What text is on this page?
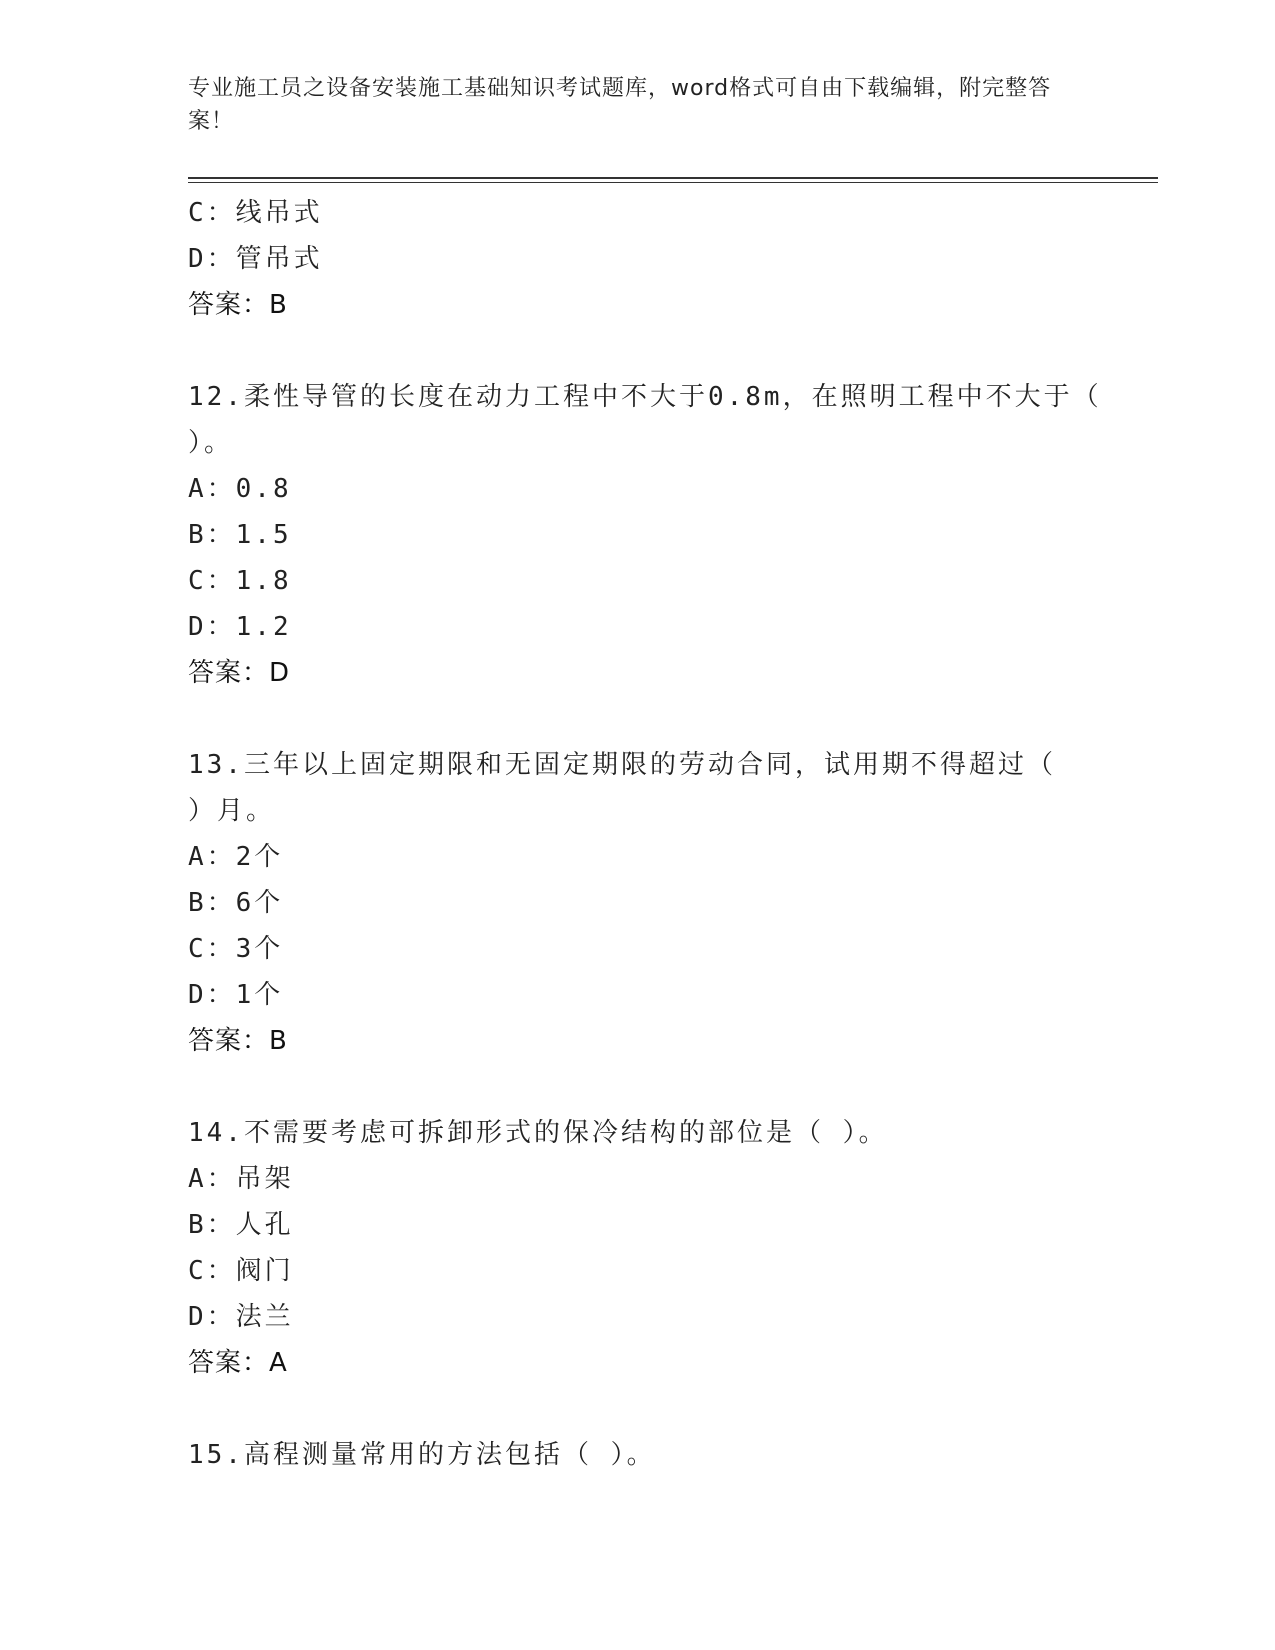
专业施工员之设备安装施工基础知识考试题库，word格式可自由下载编辑，附完整答案！
C：线吊式
D：管吊式
答案：B
12.柔性导管的长度在动力工程中不大于0.8m，在照明工程中不大于（
）。
A：0.8
B：1.5
C：1.8
D：1.2
答案：D
13.三年以上固定期限和无固定期限的劳动合同，试用期不得超过（
）月。
A：2个
B：6个
C：3个
D：1个
答案：B
14.不需要考虑可拆卸形式的保冷结构的部位是（ ）。
A：吊架
B：人孔
C：阀门
D：法兰
答案：A
15.高程测量常用的方法包括（ ）。
